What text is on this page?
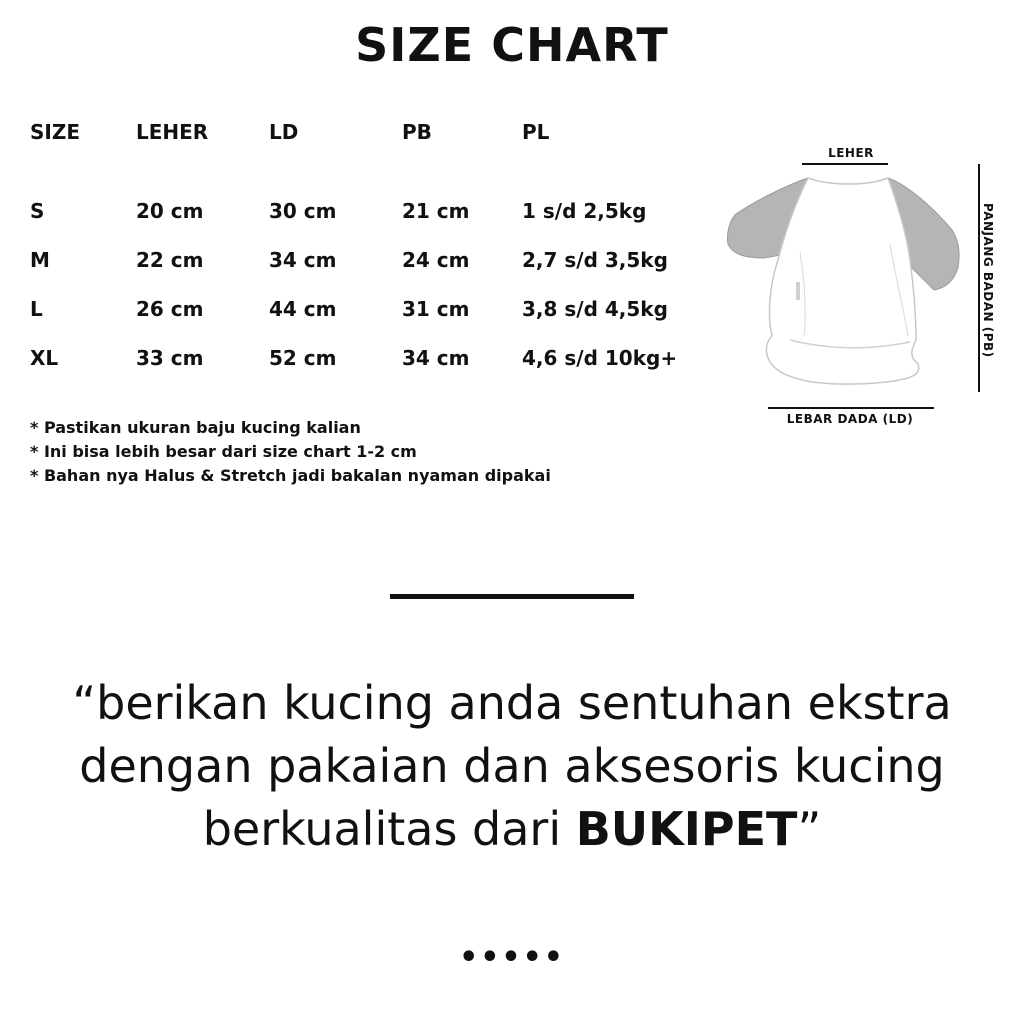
SIZE CHART
SIZE	LEHER	LD	PB	PL

S	20 cm	30 cm	21 cm	1 s/d 2,5kg
M	22 cm	34 cm	24 cm	2,7 s/d 3,5kg
L	26 cm	44 cm	31 cm	3,8 s/d 4,5kg
XL	33 cm	52 cm	34 cm	4,6 s/d 10kg+
* Pastikan ukuran baju kucing kalian
* Ini bisa lebih besar dari size chart 1-2 cm
* Bahan nya Halus & Stretch jadi bakalan nyaman dipakai
LEHER
LEBAR DADA (LD)
PANJANG BADAN (PB)
“berikan kucing anda sentuhan ekstra
dengan pakaian dan aksesoris kucing
berkualitas dari BUKIPET”
•••••
